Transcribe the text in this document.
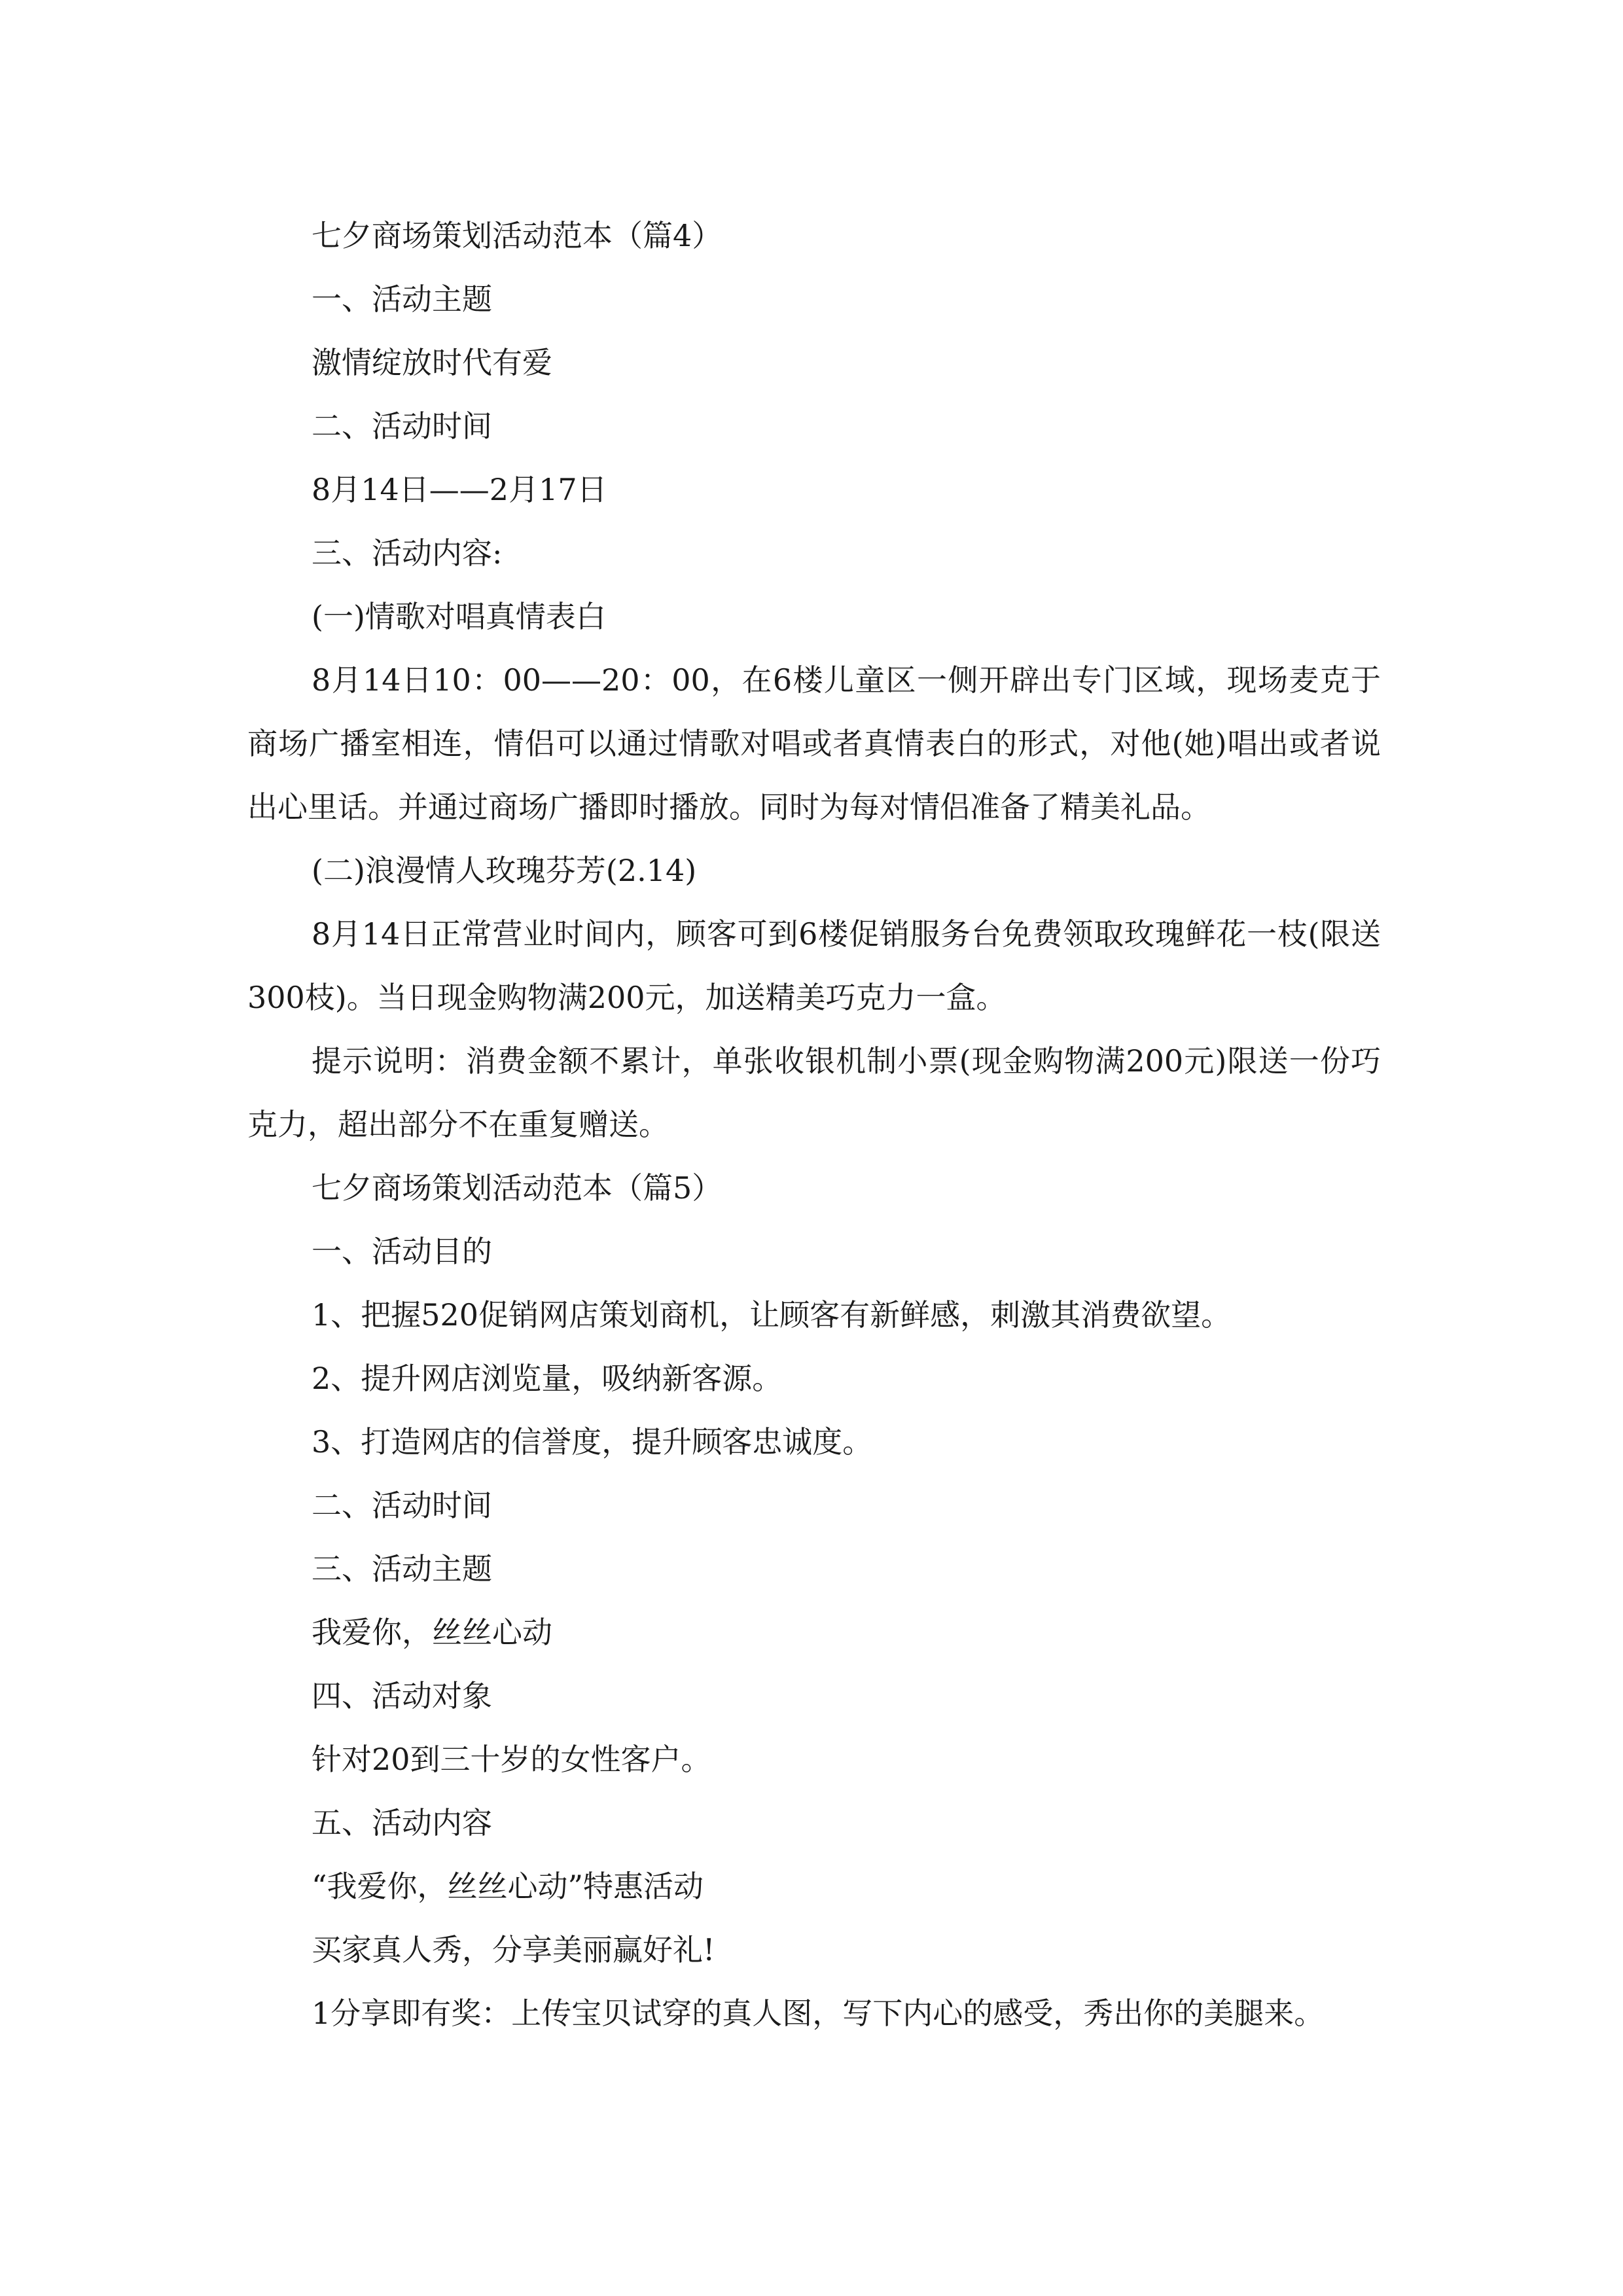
七夕商场策划活动范本（篇4）

一、活动主题

激情绽放时代有爱

二、活动时间

8月14日——2月17日

三、活动内容:

(一)情歌对唱真情表白

8月14日10：00——20：00，在6楼儿童区一侧开辟出专门区域，现场麦克于商场广播室相连，情侣可以通过情歌对唱或者真情表白的形式，对他(她)唱出或者说出心里话。并通过商场广播即时播放。同时为每对情侣准备了精美礼品。

(二)浪漫情人玫瑰芬芳(2.14)

8月14日正常营业时间内，顾客可到6楼促销服务台免费领取玫瑰鲜花一枝(限送300枝)。当日现金购物满200元，加送精美巧克力一盒。

提示说明：消费金额不累计，单张收银机制小票(现金购物满200元)限送一份巧克力，超出部分不在重复赠送。

七夕商场策划活动范本（篇5）

一、活动目的

1、把握520促销网店策划商机，让顾客有新鲜感，刺激其消费欲望。

2、提升网店浏览量，吸纳新客源。

3、打造网店的信誉度，提升顾客忠诚度。

二、活动时间

三、活动主题

我爱你，丝丝心动

四、活动对象

针对20到三十岁的女性客户。

五、活动内容

“我爱你，丝丝心动”特惠活动

买家真人秀，分享美丽赢好礼!

1分享即有奖：上传宝贝试穿的真人图，写下内心的感受，秀出你的美腿来。
